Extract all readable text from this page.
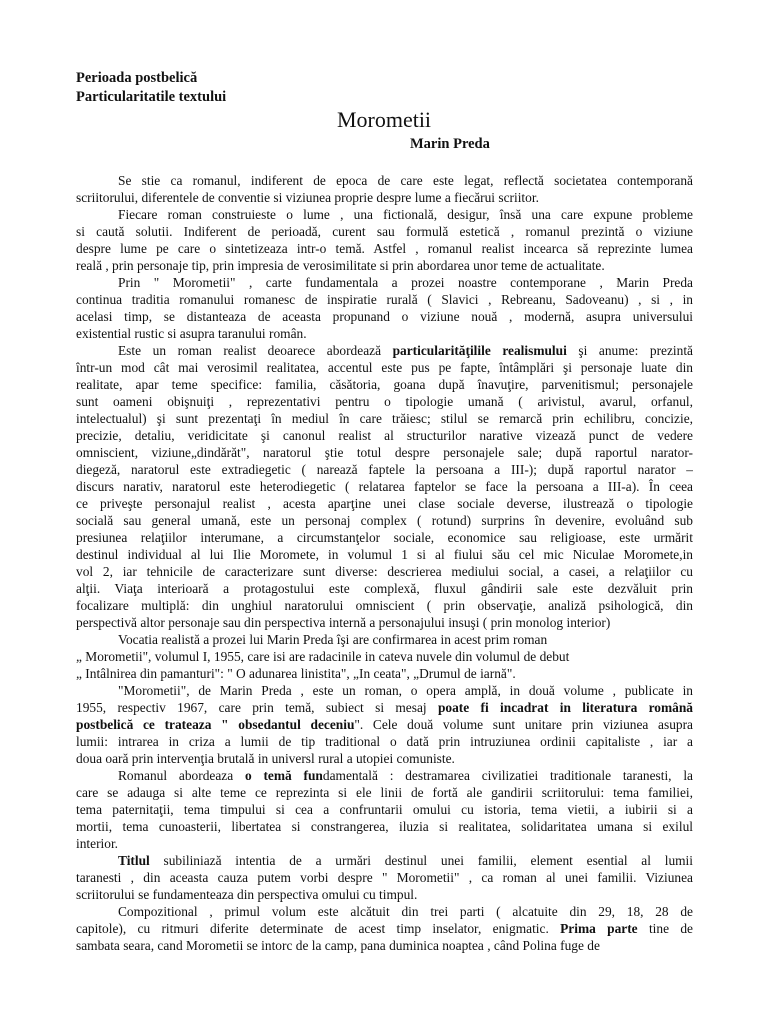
Perioada postbelică
Particularitatile textului
Morometii
Marin Preda
Se stie ca romanul, indiferent de epoca de care este legat, reflectă societatea contemporană
scriitorului, diferentele de conventie si viziunea proprie despre lume a fiecărui scriitor.
Fiecare roman construieste o lume , una fictională, desigur, însă una care expune probleme
si caută solutii. Indiferent de perioadă, curent sau formulă estetică , romanul prezintă o viziune
despre lume pe care o sintetizeaza intr-o temă. Astfel , romanul realist incearca să reprezinte lumea
reală , prin personaje tip, prin impresia de verosimilitate si prin abordarea unor teme de actualitate.
Prin " Morometii" , carte fundamentala a prozei noastre contemporane , Marin Preda
continua traditia romanului romanesc de inspiratie rurală ( Slavici , Rebreanu, Sadoveanu) , si , in
acelasi timp, se distanteaza de aceasta propunand o viziune nouă , modernă, asupra universului
existential rustic si asupra taranului român.
Este un roman realist deoarece abordează particularităţilile realismului şi anume: prezintă
într-un mod cât mai verosimil realitatea, accentul este pus pe fapte, întâmplări şi personaje luate din
realitate, apar teme specifice: familia, căsătoria, goana după înavuţire, parvenitismul; personajele
sunt oameni obişnuiţi , reprezentativi pentru o tipologie umană ( arivistul, avarul, orfanul,
intelectualul) şi sunt prezentaţi în mediul în care trăiesc; stilul se remarcă prin echilibru, concizie,
precizie, detaliu, veridicitate şi canonul realist al structurilor narative vizează punct de vedere
omniscient, viziune„dindărăt", naratorul ştie totul despre personajele sale; după raportul narator-
diegeză, naratorul este extradiegetic ( narează faptele la persoana a III-); după raportul narator –
discurs narativ, naratorul este heterodiegetic ( relatarea faptelor se face la persoana a III-a). În ceea
ce priveşte personajul realist , acesta aparţine unei clase sociale deverse, ilustrează o tipologie
socială sau general umană, este un personaj complex ( rotund) surprins în devenire, evoluând sub
presiunea relaţiilor interumane, a circumstanţelor sociale, economice sau religioase, este urmărit
destinul individual al lui Ilie Moromete, in volumul 1 si al fiului său cel mic Niculae Moromete,in
vol 2, iar tehnicile de caracterizare sunt diverse: descrierea mediului social, a casei, a relaţiilor cu
alţii. Viaţa interioară a protagostului este complexă, fluxul gândirii sale este dezvăluit prin
focalizare multiplă: din unghiul naratorului omniscient ( prin observaţie, analiză psihologică, din
perspectivă altor personaje sau din perspectiva internă a personajului insuşi ( prin monolog interior)
Vocatia realistă a prozei lui Marin Preda îşi are confirmarea in acest prim roman
„ Morometii", volumul I, 1955, care isi are radacinile in cateva nuvele din volumul de debut
„ Intâlnirea din pamanturi": " O adunarea linistita", „In ceata", „Drumul de iarnă".
"Morometii", de Marin Preda , este un roman, o opera amplă, in două volume , publicate in
1955, respectiv 1967, care prin temă, subiect si mesaj poate fi incadrat in literatura română
postbelică ce trateaza " obsedantul deceniu". Cele două volume sunt unitare prin viziunea asupra
lumii: intrarea in criza a lumii de tip traditional o dată prin intruziunea ordinii capitaliste , iar a
doua oară prin intervenţia brutală in universl rural a utopiei comuniste.
Romanul abordeaza o temă fundamentală : destramarea civilizatiei traditionale taranesti, la
care se adauga si alte teme ce reprezinta si ele linii de fortă ale gandirii scriitorului: tema familiei,
tema paternitaţii, tema timpului si cea a confruntarii omului cu istoria, tema vietii, a iubirii si a
mortii, tema cunoasterii, libertatea si constrangerea, iluzia si realitatea, solidaritatea umana si exilul
interior.
Titlul subiliniază intentia de a urmări destinul unei familii, element esential al lumii
taranesti , din aceasta cauza putem vorbi despre " Morometii" , ca roman al unei familii. Viziunea
scriitorului se fundamenteaza din perspectiva omului cu timpul.
Compozitional , primul volum este alcătuit din trei parti ( alcatuite din 29, 18, 28 de
capitole), cu ritmuri diferite determinate de acest timp inselator, enigmatic. Prima parte tine de
sambata seara, cand Morometii se intorc de la camp, pana duminica noaptea , când Polina fuge de
